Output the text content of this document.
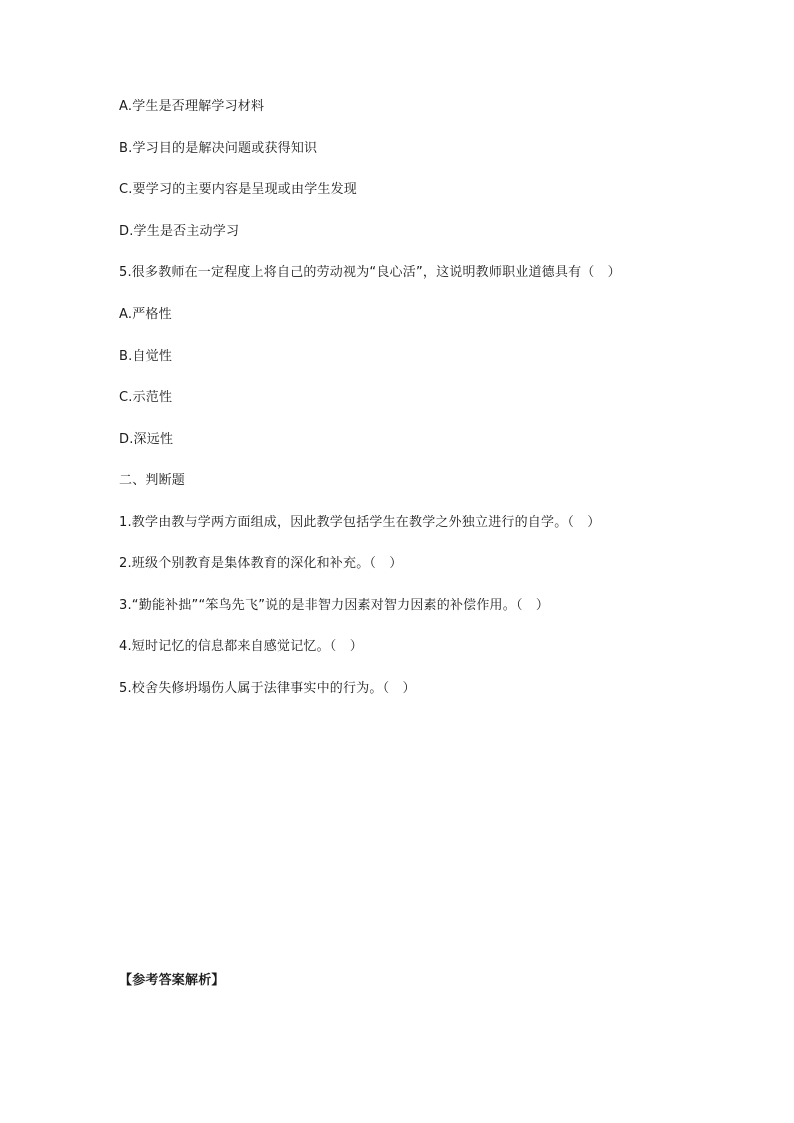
A.学生是否理解学习材料
B.学习目的是解决问题或获得知识
C.要学习的主要内容是呈现或由学生发现
D.学生是否主动学习
5.很多教师在一定程度上将自己的劳动视为“良心活”，这说明教师职业道德具有（　）
A.严格性
B.自觉性
C.示范性
D.深远性
二、判断题
1.教学由教与学两方面组成，因此教学包括学生在教学之外独立进行的自学。（　）
2.班级个别教育是集体教育的深化和补充。（　）
3.“勤能补拙”“笨鸟先飞”说的是非智力因素对智力因素的补偿作用。（　）
4.短时记忆的信息都来自感觉记忆。（　）
5.校舍失修坍塌伤人属于法律事实中的行为。（　）
【参考答案解析】
